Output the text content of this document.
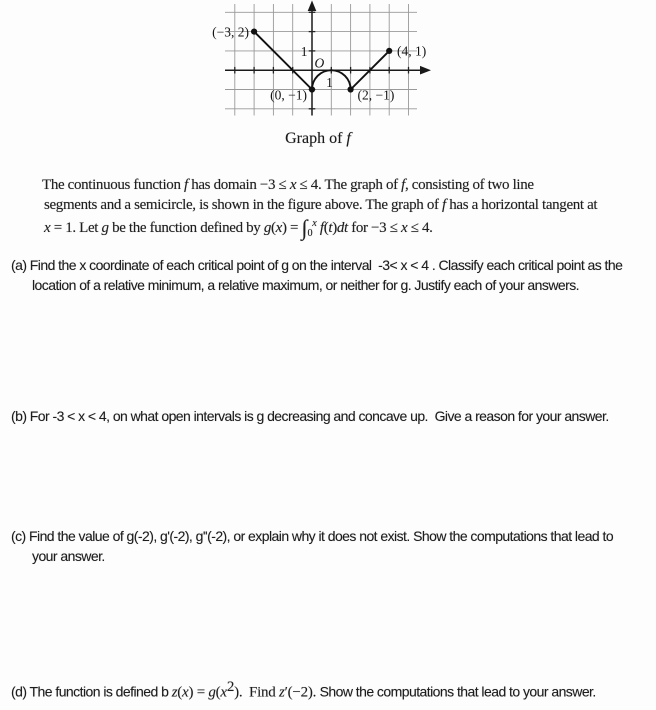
(−3, 2)
(0, −1)	(2, −1)
(4, 1)
1
1
O
Graph of f
The continuous function f has domain −3 ≤ x ≤ 4. The graph of f, consisting of two line
segments and a semicircle, is shown in the figure above. The graph of f has a horizontal tangent at
x = 1. Let g be the function defined by $g(x) = \int_0^x$ f(t)dt for −3 ≤ x ≤ 4.
(a) Find the x coordinate of each critical point of g on the interval  -3< x < 4 . Classify each critical point as the
location of a relative minimum, a relative maximum, or neither for g. Justify each of your answers.
(b) For -3 < x < 4, on what open intervals is g decreasing and concave up.  Give a reason for your answer.
(c) Find the value of g(-2), g'(-2), g''(-2), or explain why it does not exist. Show the computations that lead to
your answer.
(d) The function is defined b z(x) = g(x2). Find z′(−2). Show the computations that lead to your answer.
